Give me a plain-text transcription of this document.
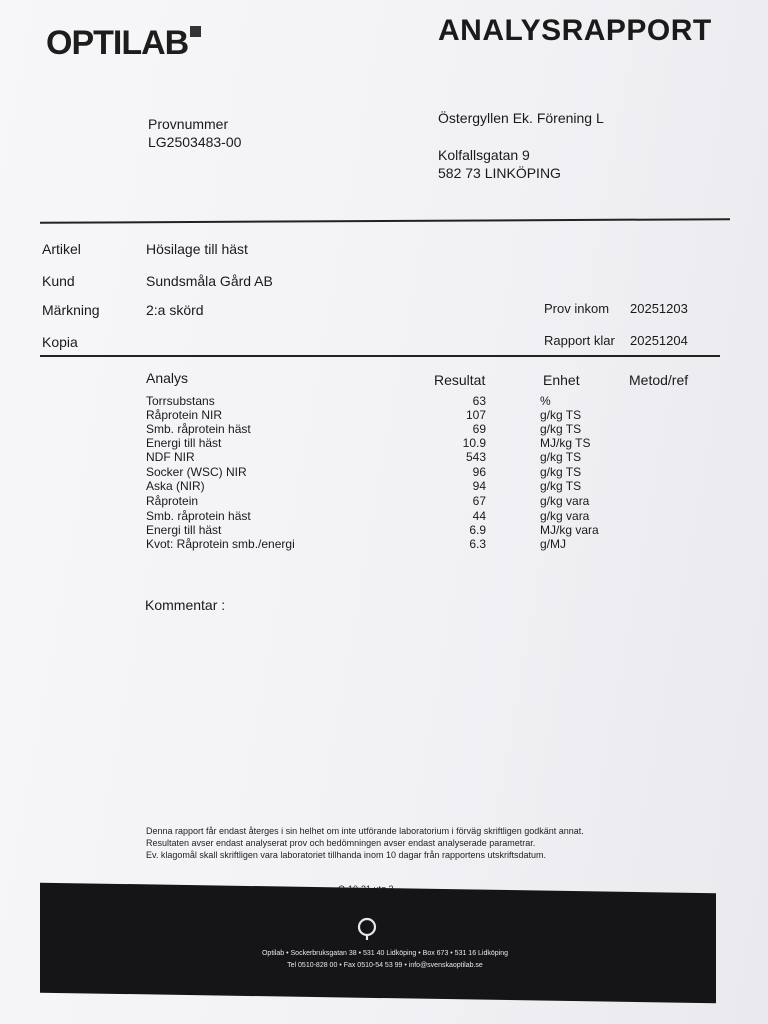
OPTILAB	ANALYSRAPPORT
Provnummer
LG2503483-00
Östergyllen Ek. Förening L
Kolfallsgatan 9
582 73 LINKÖPING
Artikel	Hösilage till häst
Kund	Sundsmåla Gård AB
Märkning	2:a skörd
Kopia
Prov inkom 20251203
Rapport klar 20251204
Analys	Resultat	Enhet	Metod/ref
Torrsubstans	63	%
Råprotein NIR	107	g/kg TS
Smb. råprotein häst	69	g/kg TS
Energi till häst	10.9	MJ/kg TS
NDF NIR	543	g/kg TS
Socker (WSC) NIR	96	g/kg TS
Aska (NIR)	94	g/kg TS
Råprotein	67	g/kg vara
Smb. råprotein häst	44	g/kg vara
Energi till häst	6.9	MJ/kg vara
Kvot: Råprotein smb./energi	6.3	g/MJ
Kommentar :
Denna rapport får endast återges i sin helhet om inte utförande laboratorium i förväg skriftligen godkänt annat.
Resultaten avser endast analyserat prov och bedömningen avser endast analyserade parametrar.
Ev. klagomål skall skriftligen vara laboratoriet tillhanda inom 10 dagar från rapportens utskriftsdatum.
Optilab • Sockerbruksgatan 38 • 531 40 Lidköping • Box 673 • 531 16 Lidköping
Tel 0510-828 00 • Fax 0510-54 53 99 • info@svenskaoptilab.se
